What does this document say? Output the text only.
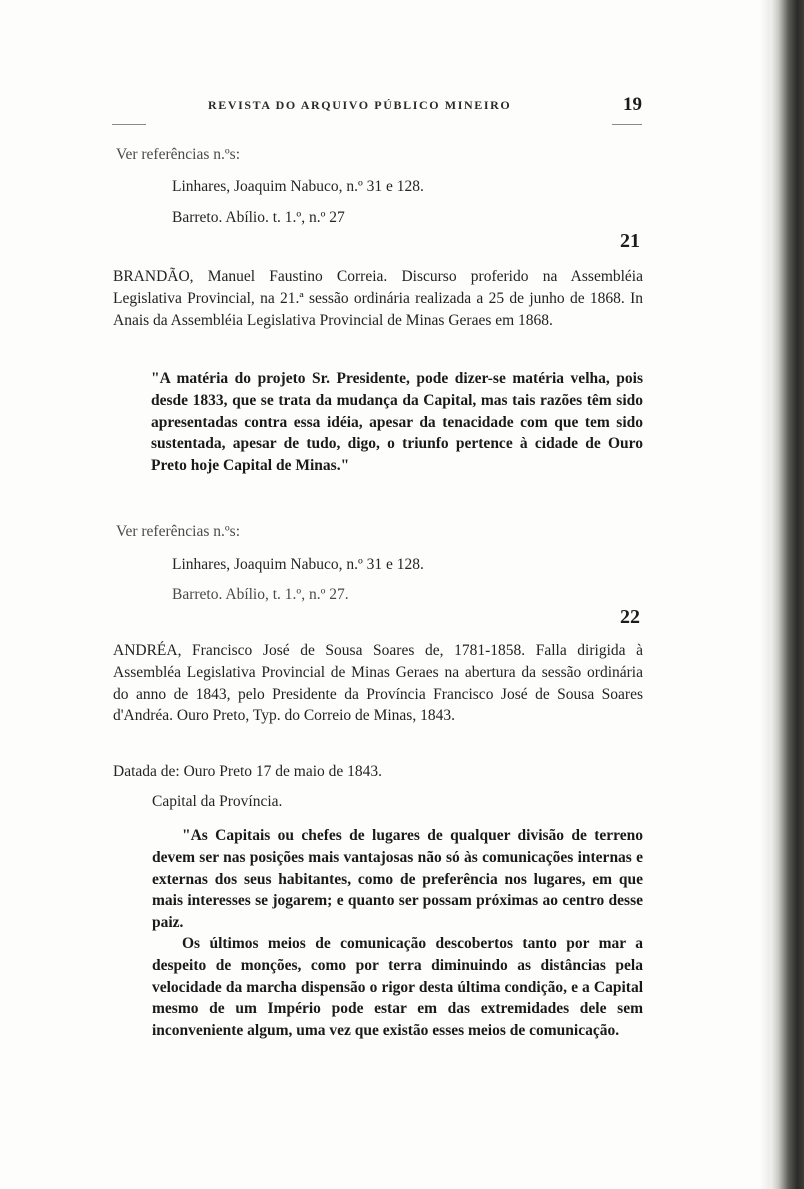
REVISTA DO ARQUIVO PÚBLICO MINEIRO	19
Ver referências n.ºs:
Linhares, Joaquim Nabuco, n.º 31 e 128.
Barreto. Abílio. t. 1.º, n.º 27
21
BRANDÃO, Manuel Faustino Correia. Discurso proferido na Assembléia Legislativa Provincial, na 21.ª sessão ordinária realizada a 25 de junho de 1868. In Anais da Assembléia Legislativa Provincial de Minas Geraes em 1868.
"A matéria do projeto Sr. Presidente, pode dizer-se matéria velha, pois desde 1833, que se trata da mudança da Capital, mas tais razões têm sido apresentadas contra essa idéia, apesar da tenacidade com que tem sido sustentada, apesar de tudo, digo, o triunfo pertence à cidade de Ouro Preto hoje Capital de Minas."
Ver referências n.ºs:
Linhares, Joaquim Nabuco, n.º 31 e 128.
Barreto. Abílio, t. 1.º, n.º 27.
22
ANDRÉA, Francisco José de Sousa Soares de, 1781-1858. Falla dirigida à Assembléa Legislativa Provincial de Minas Geraes na abertura da sessão ordinária do anno de 1843, pelo Presidente da Província Francisco José de Sousa Soares d'Andréa. Ouro Preto, Typ. do Correio de Minas, 1843.
Datada de: Ouro Preto 17 de maio de 1843.
Capital da Província.
"As Capitais ou chefes de lugares de qualquer divisão de terreno devem ser nas posições mais vantajosas não só às comunicações internas e externas dos seus habitantes, como de preferência nos lugares, em que mais interesses se jogarem; e quanto ser possam próximas ao centro desse paiz.
Os últimos meios de comunicação descobertos tanto por mar a despeito de monções, como por terra diminuindo as distâncias pela velocidade da marcha dispensão o rigor desta última condição, e a Capital mesmo de um Império pode estar em das extremidades dele sem inconveniente algum, uma vez que existão esses meios de comunicação.
